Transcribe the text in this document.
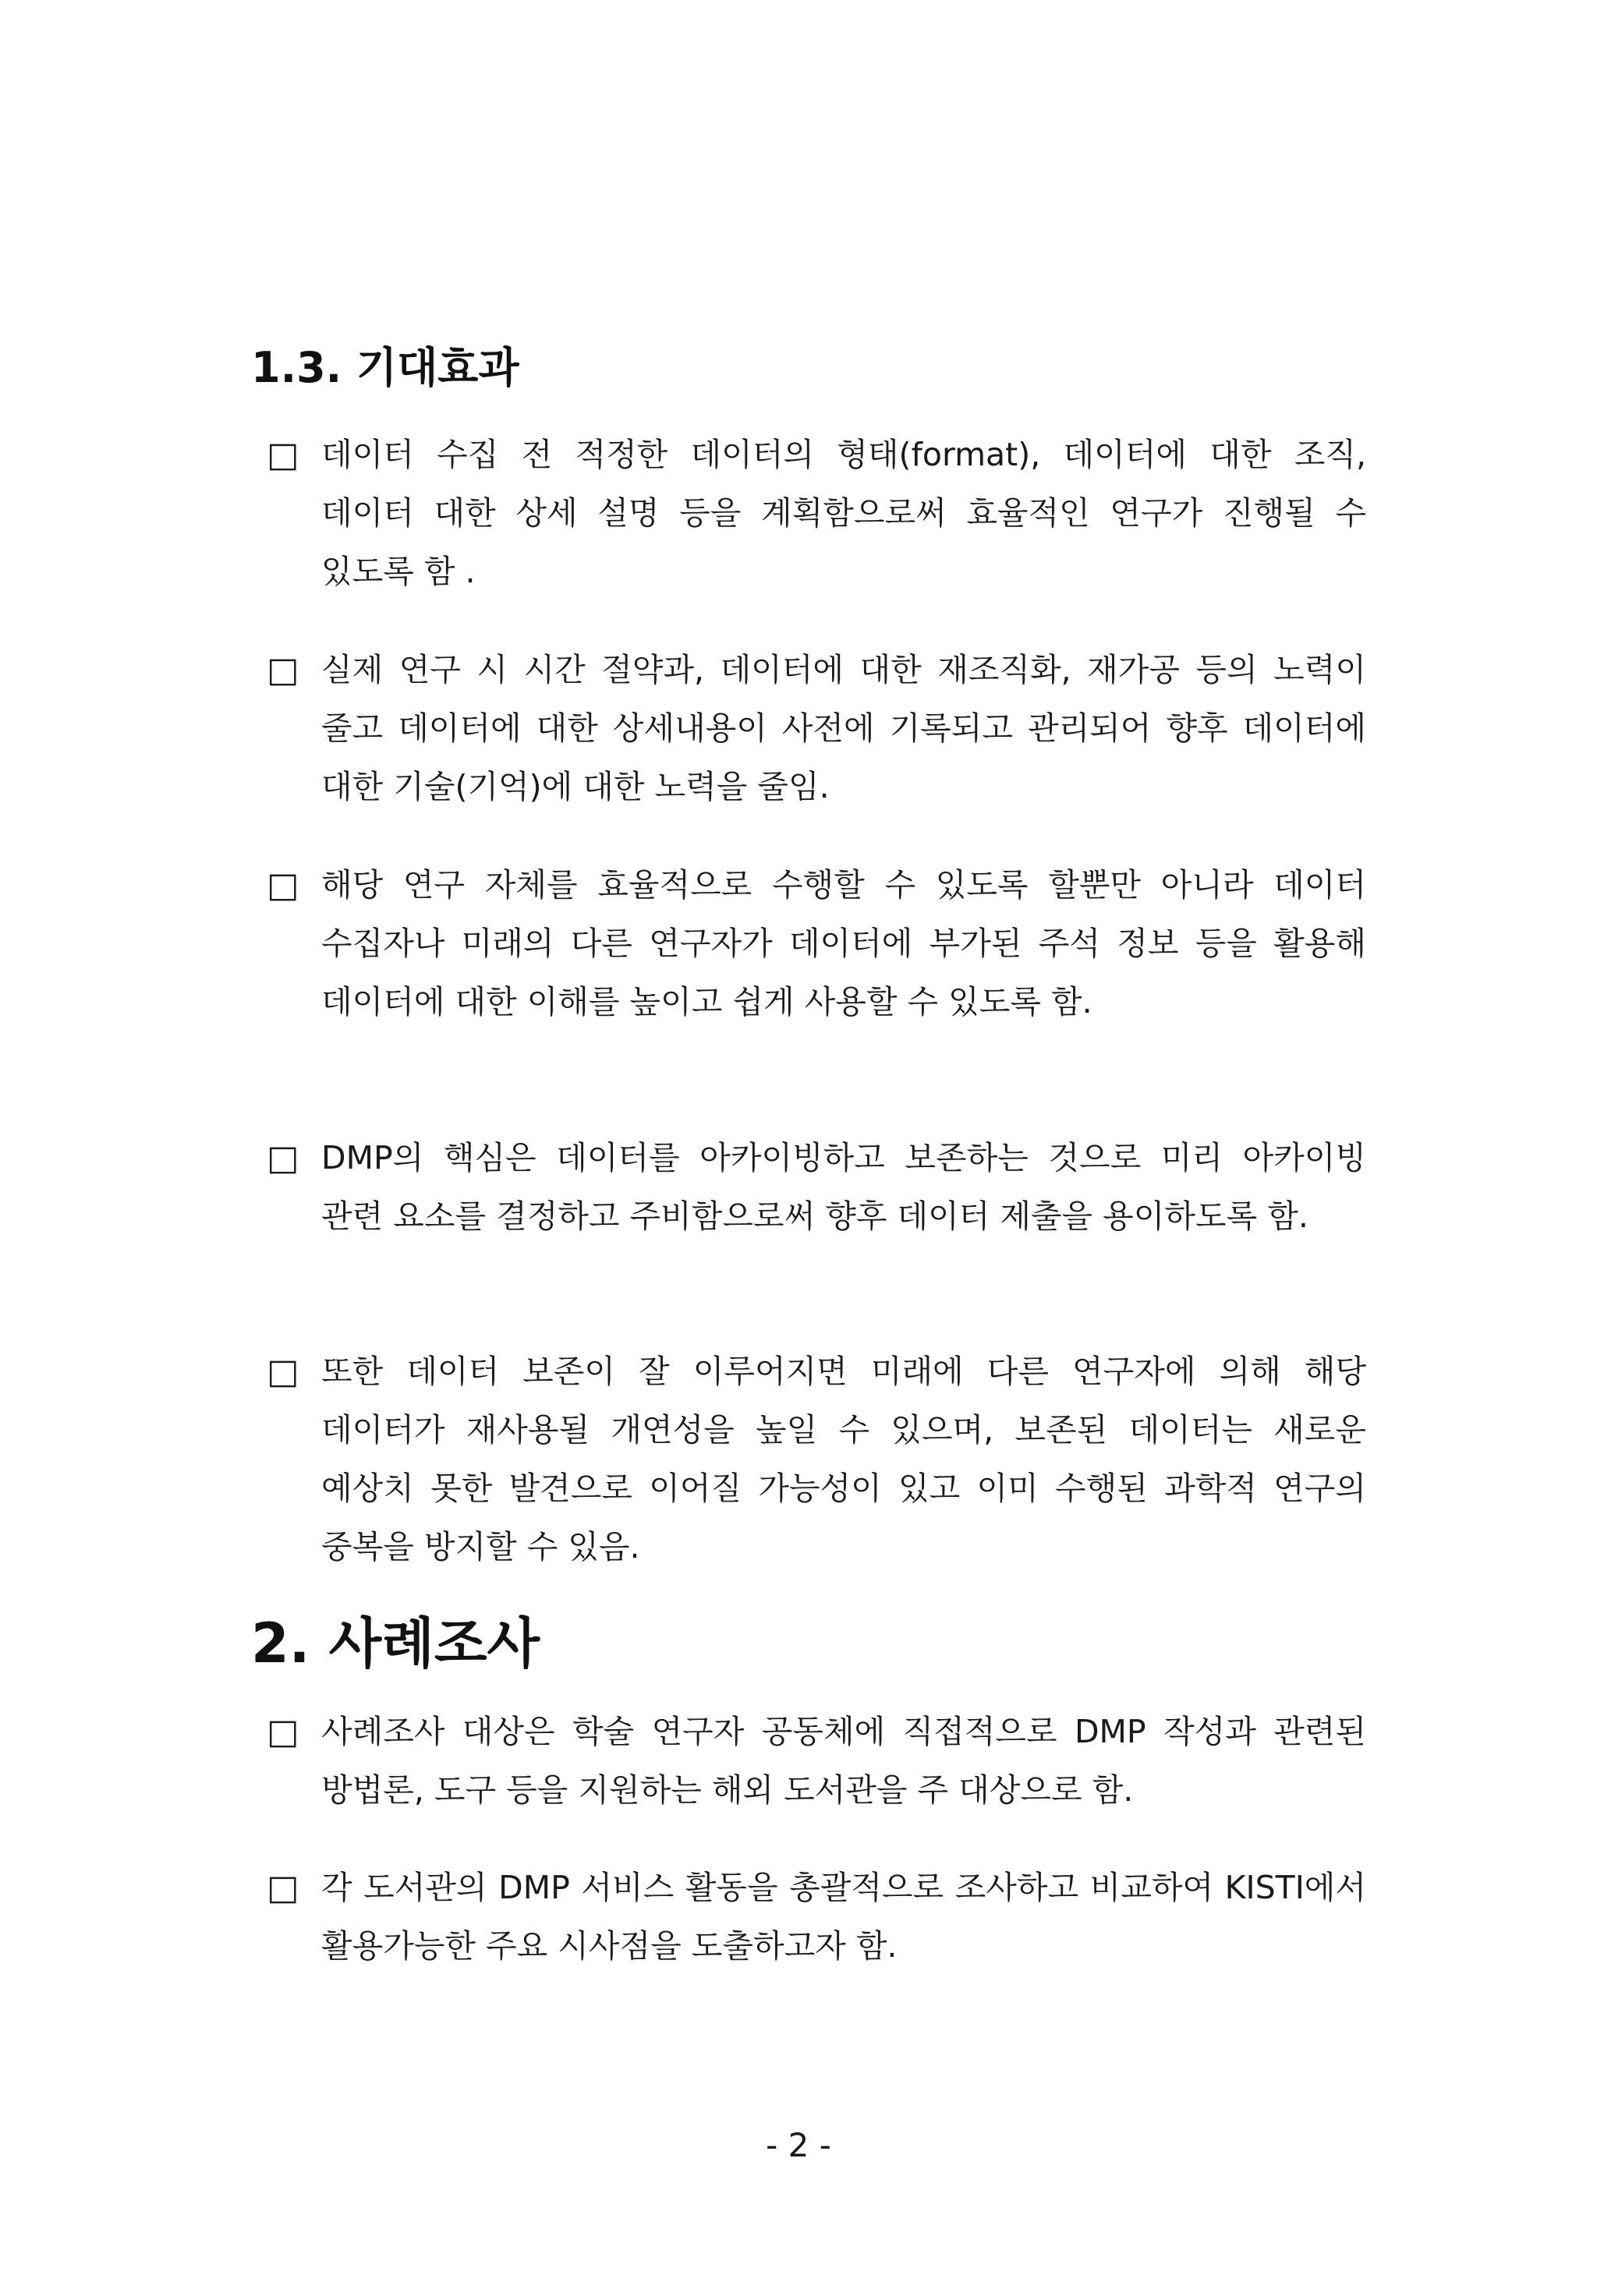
1.3. 기대효과
□ 데이터 수집 전 적정한 데이터의 형태(format), 데이터에 대한 조직, 데이터 대한 상세 설명 등을 계획함으로써 효율적인 연구가 진행될 수 있도록 함 .
□ 실제 연구 시 시간 절약과, 데이터에 대한 재조직화, 재가공 등의 노력이 줄고 데이터에 대한 상세내용이 사전에 기록되고 관리되어 향후 데이터에 대한 기술(기억)에 대한 노력을 줄임.
□ 해당 연구 자체를 효율적으로 수행할 수 있도록 할뿐만 아니라 데이터 수집자나 미래의 다른 연구자가 데이터에 부가된 주석 정보 등을 활용해 데이터에 대한 이해를 높이고 쉽게 사용할 수 있도록 함.
□ DMP의 핵심은 데이터를 아카이빙하고 보존하는 것으로 미리 아카이빙 관련 요소를 결정하고 주비함으로써 향후 데이터 제출을 용이하도록 함.
□ 또한 데이터 보존이 잘 이루어지면 미래에 다른 연구자에 의해 해당 데이터가 재사용될 개연성을 높일 수 있으며, 보존된 데이터는 새로운 예상치 못한 발견으로 이어질 가능성이 있고 이미 수행된 과학적 연구의 중복을 방지할 수 있음.
2. 사례조사
□ 사례조사 대상은 학술 연구자 공동체에 직접적으로 DMP 작성과 관련된 방법론, 도구 등을 지원하는 해외 도서관을 주 대상으로 함.
□ 각 도서관의 DMP 서비스 활동을 총괄적으로 조사하고 비교하여 KISTI에서 활용가능한 주요 시사점을 도출하고자 함.
- 2 -
